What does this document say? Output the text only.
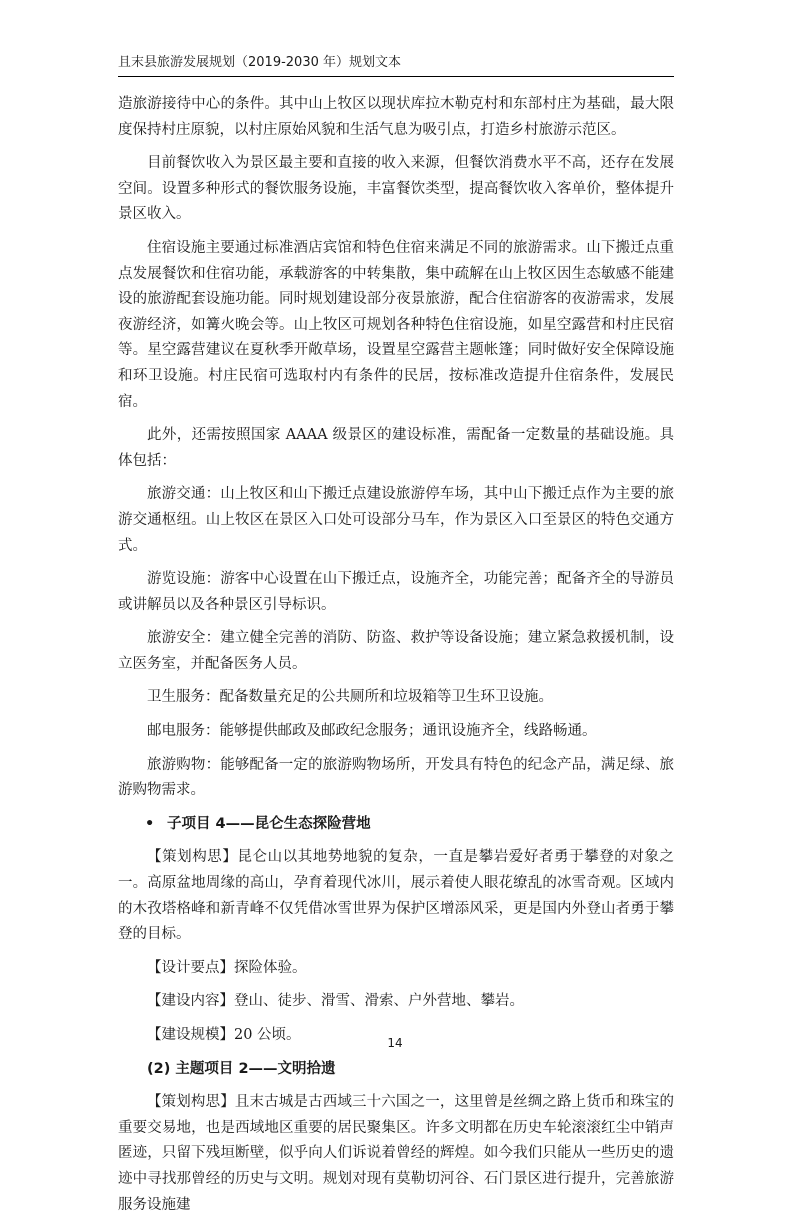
且末县旅游发展规划（2019-2030 年）规划文本

造旅游接待中心的条件。其中山上牧区以现状库拉木勒克村和东部村庄为基础，最大限度保持村庄原貌，以村庄原始风貌和生活气息为吸引点，打造乡村旅游示范区。

目前餐饮收入为景区最主要和直接的收入来源，但餐饮消费水平不高，还存在发展空间。设置多种形式的餐饮服务设施，丰富餐饮类型，提高餐饮收入客单价，整体提升景区收入。

住宿设施主要通过标准酒店宾馆和特色住宿来满足不同的旅游需求。山下搬迁点重点发展餐饮和住宿功能，承载游客的中转集散，集中疏解在山上牧区因生态敏感不能建设的旅游配套设施功能。同时规划建设部分夜景旅游，配合住宿游客的夜游需求，发展夜游经济，如篝火晚会等。山上牧区可规划各种特色住宿设施，如星空露营和村庄民宿等。星空露营建议在夏秋季开敞草场，设置星空露营主题帐篷；同时做好安全保障设施和环卫设施。村庄民宿可选取村内有条件的民居，按标准改造提升住宿条件，发展民宿。

此外，还需按照国家 AAAA 级景区的建设标准，需配备一定数量的基础设施。具体包括：

旅游交通：山上牧区和山下搬迁点建设旅游停车场，其中山下搬迁点作为主要的旅游交通枢纽。山上牧区在景区入口处可设部分马车，作为景区入口至景区的特色交通方式。

游览设施：游客中心设置在山下搬迁点，设施齐全，功能完善；配备齐全的导游员或讲解员以及各种景区引导标识。

旅游安全：建立健全完善的消防、防盗、救护等设备设施；建立紧急救援机制，设立医务室，并配备医务人员。

卫生服务：配备数量充足的公共厕所和垃圾箱等卫生环卫设施。

邮电服务：能够提供邮政及邮政纪念服务；通讯设施齐全，线路畅通。

旅游购物：能够配备一定的旅游购物场所，开发具有特色的纪念产品，满足绿、旅游购物需求。

• 子项目 4——昆仑生态探险营地

【策划构思】昆仑山以其地势地貌的复杂，一直是攀岩爱好者勇于攀登的对象之一。高原盆地周缘的高山，孕育着现代冰川，展示着使人眼花缭乱的冰雪奇观。区域内的木孜塔格峰和新青峰不仅凭借冰雪世界为保护区增添风采，更是国内外登山者勇于攀登的目标。

【设计要点】探险体验。

【建设内容】登山、徒步、滑雪、滑索、户外营地、攀岩。

【建设规模】20 公顷。

(2) 主题项目 2——文明拾遗

【策划构思】且末古城是古西域三十六国之一，这里曾是丝绸之路上货币和珠宝的重要交易地，也是西域地区重要的居民聚集区。许多文明都在历史车轮滚滚红尘中销声匿迹，只留下残垣断壁，似乎向人们诉说着曾经的辉煌。如今我们只能从一些历史的遗迹中寻找那曾经的历史与文明。规划对现有莫勒切河谷、石门景区进行提升，完善旅游服务设施建

14
